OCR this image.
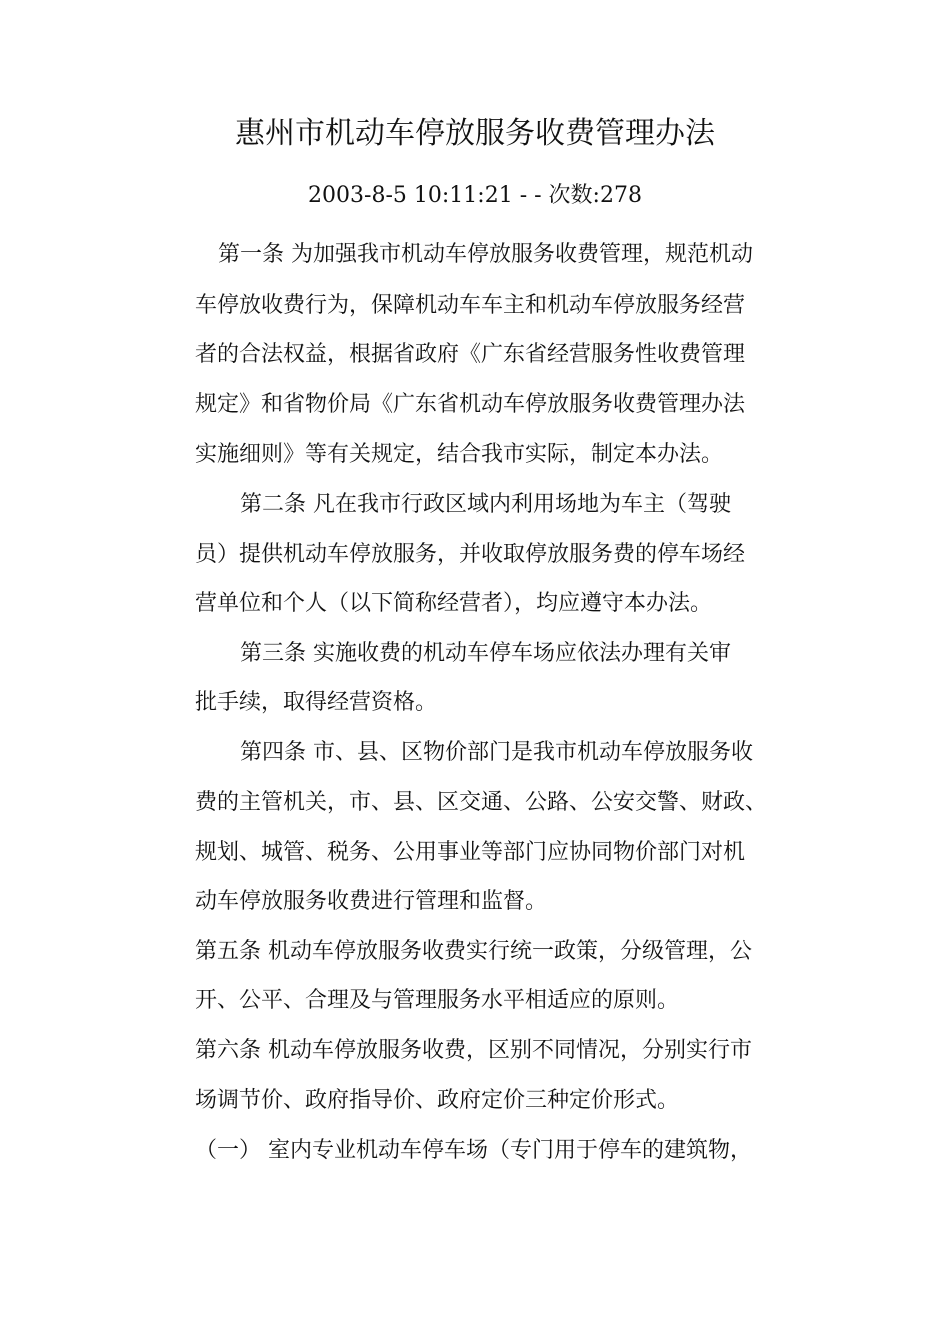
惠州市机动车停放服务收费管理办法
2003-8-5 10:11:21 - - 次数:278
第一条 为加强我市机动车停放服务收费管理，规范机动
车停放收费行为，保障机动车车主和机动车停放服务经营
者的合法权益，根据省政府《广东省经营服务性收费管理
规定》和省物价局《广东省机动车停放服务收费管理办法
实施细则》等有关规定，结合我市实际，制定本办法。
第二条 凡在我市行政区域内利用场地为车主（驾驶
员）提供机动车停放服务，并收取停放服务费的停车场经
营单位和个人（以下简称经营者），均应遵守本办法。
第三条 实施收费的机动车停车场应依法办理有关审
批手续，取得经营资格。
第四条 市、县、区物价部门是我市机动车停放服务收
费的主管机关，市、县、区交通、公路、公安交警、财政、
规划、城管、税务、公用事业等部门应协同物价部门对机
动车停放服务收费进行管理和监督。
第五条 机动车停放服务收费实行统一政策，分级管理，公
开、公平、合理及与管理服务水平相适应的原则。
第六条 机动车停放服务收费，区别不同情况，分别实行市
场调节价、政府指导价、政府定价三种定价形式。
（一） 室内专业机动车停车场（专门用于停车的建筑物，
